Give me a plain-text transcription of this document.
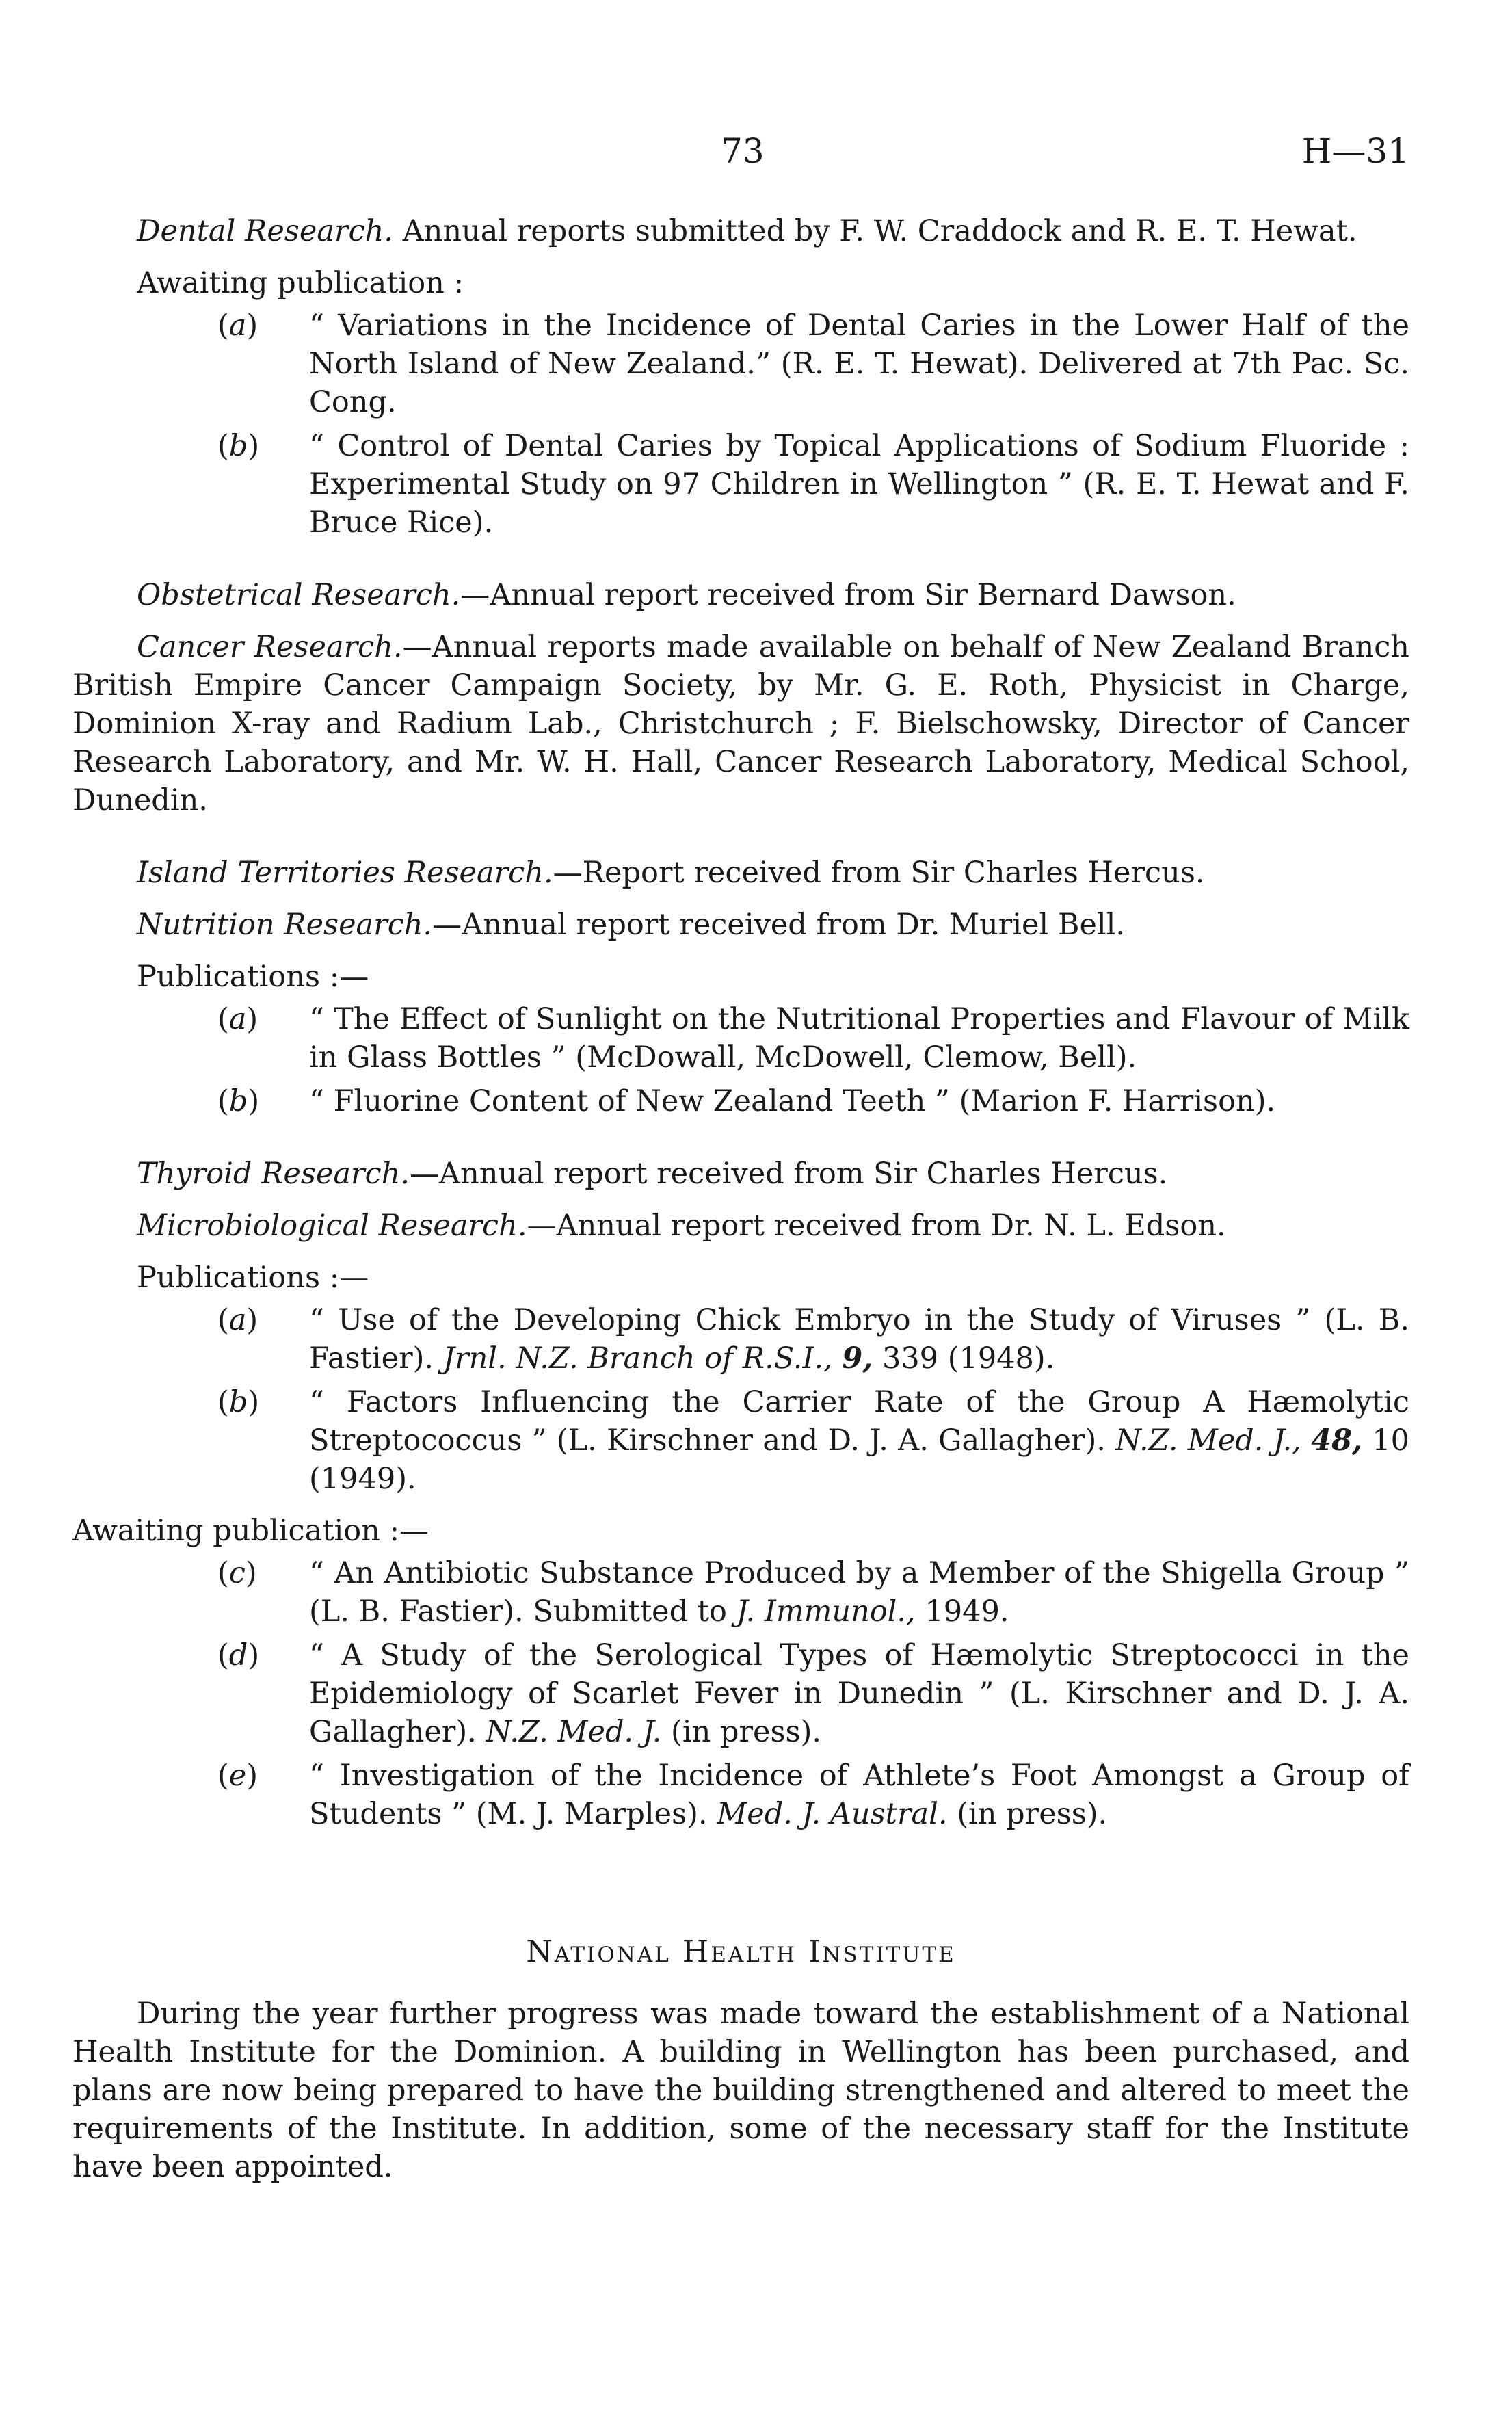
73	H—31

Dental Research. Annual reports submitted by F. W. Craddock and R. E. T. Hewat.

Awaiting publication :

(a) “ Variations in the Incidence of Dental Caries in the Lower Half of the North Island of New Zealand.” (R. E. T. Hewat). Delivered at 7th Pac. Sc. Cong.
(b) “ Control of Dental Caries by Topical Applications of Sodium Fluoride : Experimental Study on 97 Children in Wellington ” (R. E. T. Hewat and F. Bruce Rice).

Obstetrical Research.—Annual report received from Sir Bernard Dawson.

Cancer Research.—Annual reports made available on behalf of New Zealand Branch British Empire Cancer Campaign Society, by Mr. G. E. Roth, Physicist in Charge, Dominion X-ray and Radium Lab., Christchurch ; F. Bielschowsky, Director of Cancer Research Laboratory, and Mr. W. H. Hall, Cancer Research Laboratory, Medical School, Dunedin.

Island Territories Research.—Report received from Sir Charles Hercus.

Nutrition Research.—Annual report received from Dr. Muriel Bell.

Publications :—

(a) “ The Effect of Sunlight on the Nutritional Properties and Flavour of Milk in Glass Bottles ” (McDowall, McDowell, Clemow, Bell).
(b) “ Fluorine Content of New Zealand Teeth ” (Marion F. Harrison).

Thyroid Research.—Annual report received from Sir Charles Hercus.

Microbiological Research.—Annual report received from Dr. N. L. Edson.

Publications :—

(a) “ Use of the Developing Chick Embryo in the Study of Viruses ” (L. B. Fastier). Jrnl. N.Z. Branch of R.S.I., 9, 339 (1948).
(b) “ Factors Influencing the Carrier Rate of the Group A Hæmolytic Streptococcus ” (L. Kirschner and D. J. A. Gallagher). N.Z. Med. J., 48, 10 (1949).

Awaiting publication :—

(c) “ An Antibiotic Substance Produced by a Member of the Shigella Group ” (L. B. Fastier). Submitted to J. Immunol., 1949.
(d) “ A Study of the Serological Types of Hæmolytic Streptococci in the Epidemiology of Scarlet Fever in Dunedin ” (L. Kirschner and D. J. A. Gallagher). N.Z. Med. J. (in press).
(e) “ Investigation of the Incidence of Athlete’s Foot Amongst a Group of Students ” (M. J. Marples). Med. J. Austral. (in press).

National Health Institute

During the year further progress was made toward the establishment of a National Health Institute for the Dominion. A building in Wellington has been purchased, and plans are now being prepared to have the building strengthened and altered to meet the requirements of the Institute. In addition, some of the necessary staff for the Institute have been appointed.
